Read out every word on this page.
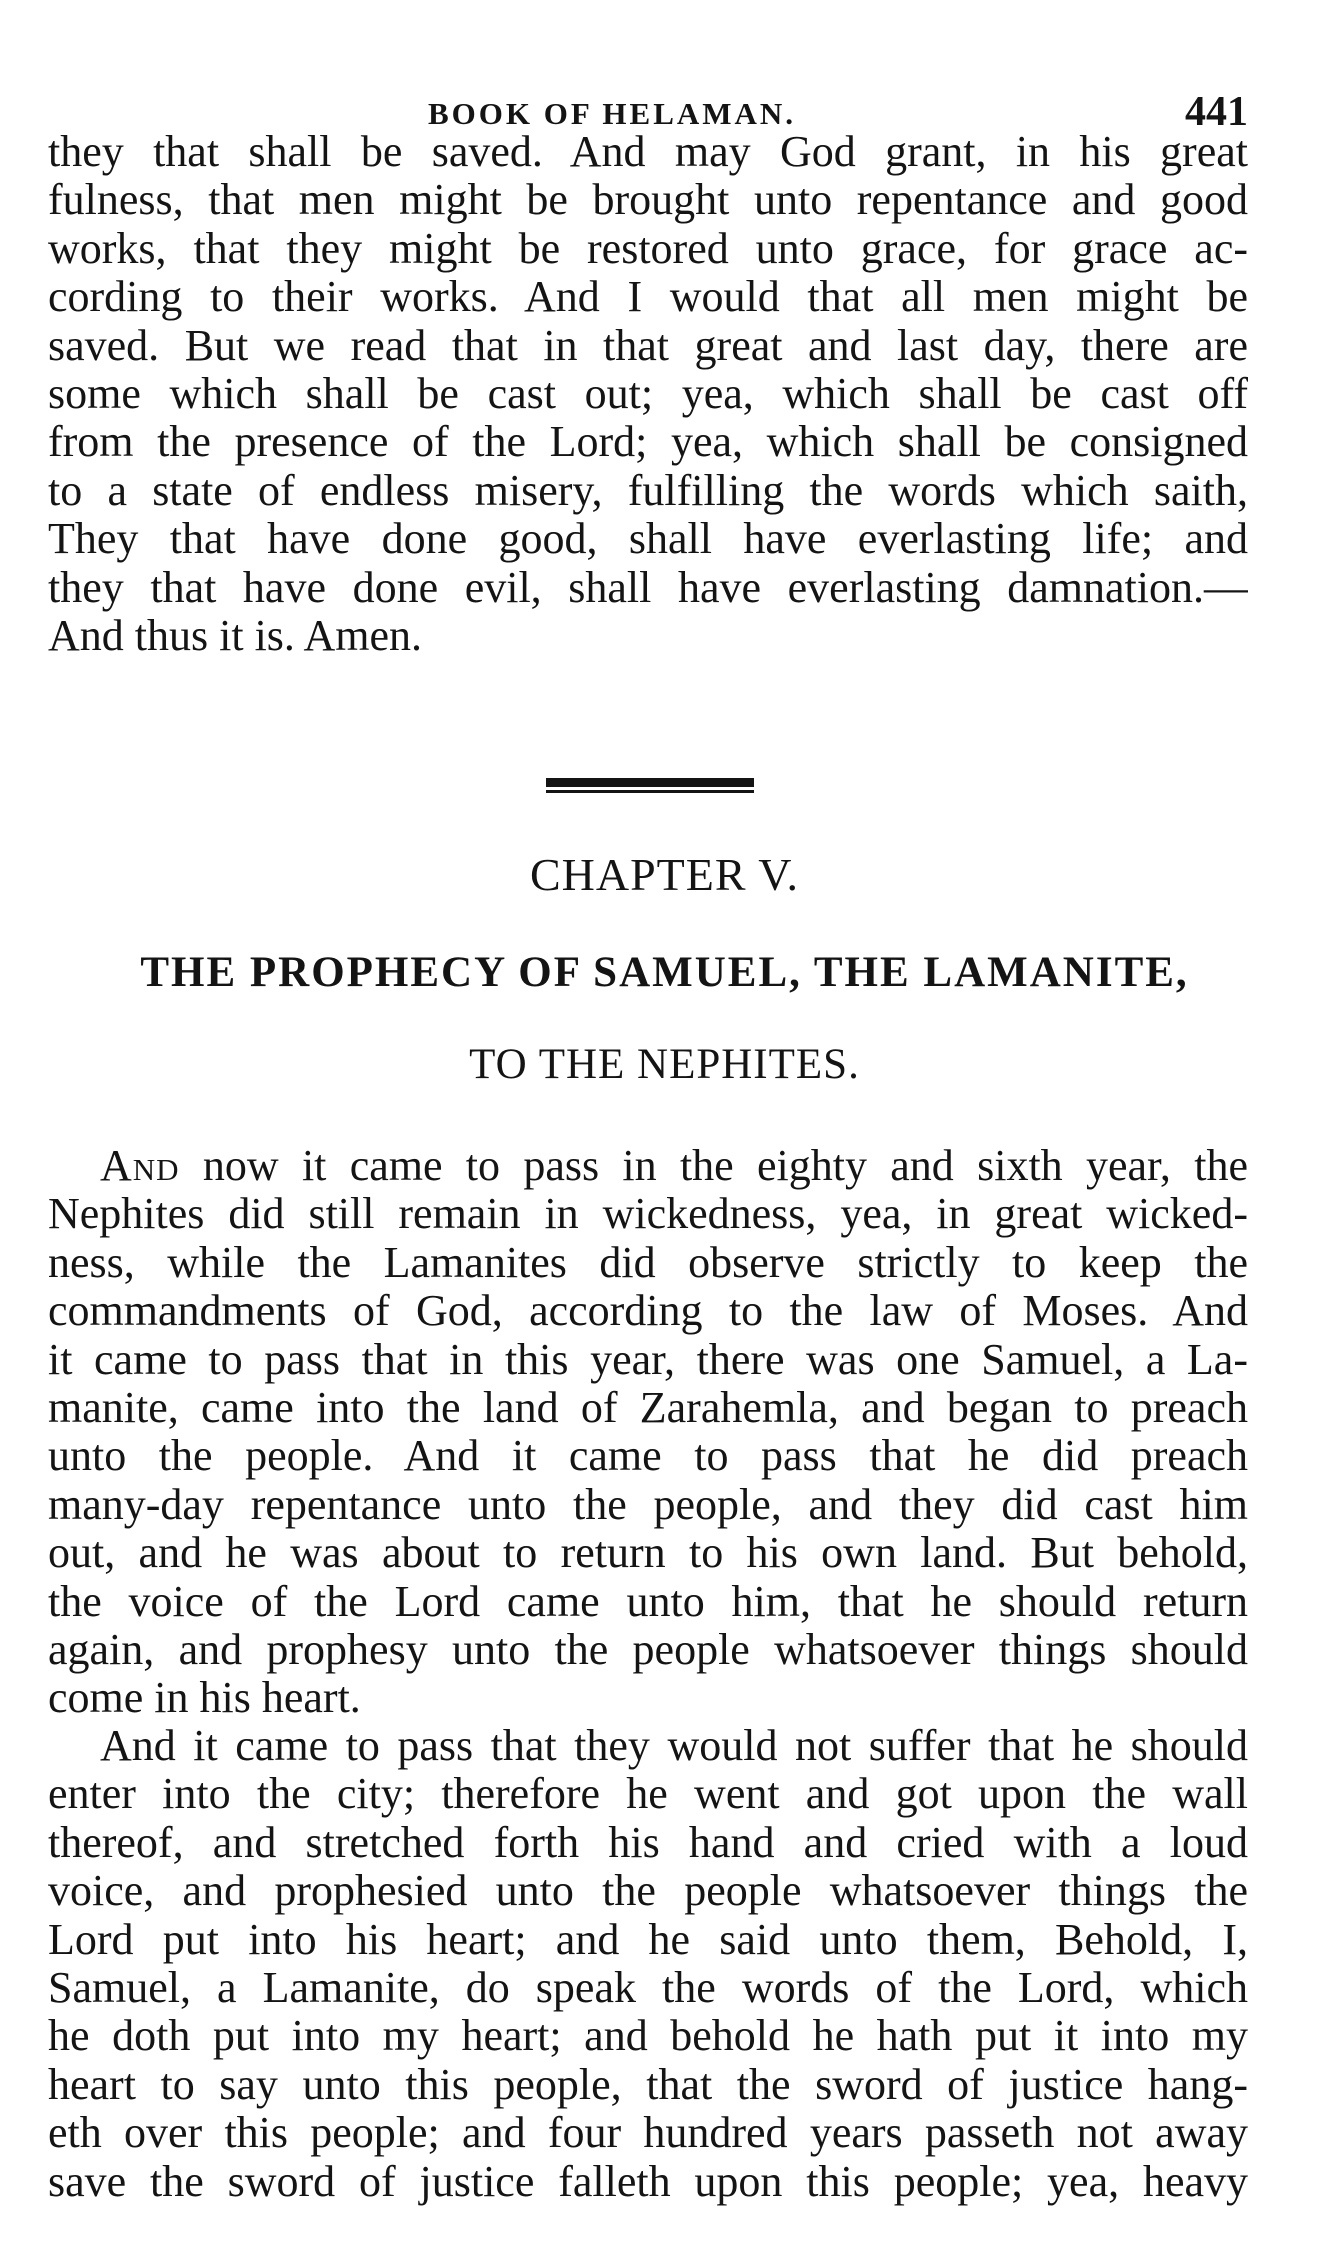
BOOK OF HELAMAN.	441
they that shall be saved. And may God grant, in his great
fulness, that men might be brought unto repentance and good
works, that they might be restored unto grace, for grace ac-
cording to their works. And I would that all men might be
saved. But we read that in that great and last day, there are
some which shall be cast out; yea, which shall be cast off
from the presence of the Lord; yea, which shall be consigned
to a state of endless misery, fulfilling the words which saith,
They that have done good, shall have everlasting life; and
they that have done evil, shall have everlasting damnation.—
And thus it is. Amen.
CHAPTER V.
THE PROPHECY OF SAMUEL, THE LAMANITE,
TO THE NEPHITES.
And now it came to pass in the eighty and sixth year, the
Nephites did still remain in wickedness, yea, in great wicked-
ness, while the Lamanites did observe strictly to keep the
commandments of God, according to the law of Moses. And
it came to pass that in this year, there was one Samuel, a La-
manite, came into the land of Zarahemla, and began to preach
unto the people. And it came to pass that he did preach
many-day repentance unto the people, and they did cast him
out, and he was about to return to his own land. But behold,
the voice of the Lord came unto him, that he should return
again, and prophesy unto the people whatsoever things should
come in his heart.
And it came to pass that they would not suffer that he should
enter into the city; therefore he went and got upon the wall
thereof, and stretched forth his hand and cried with a loud
voice, and prophesied unto the people whatsoever things the
Lord put into his heart; and he said unto them, Behold, I,
Samuel, a Lamanite, do speak the words of the Lord, which
he doth put into my heart; and behold he hath put it into my
heart to say unto this people, that the sword of justice hang-
eth over this people; and four hundred years passeth not away
save the sword of justice falleth upon this people; yea, heavy
